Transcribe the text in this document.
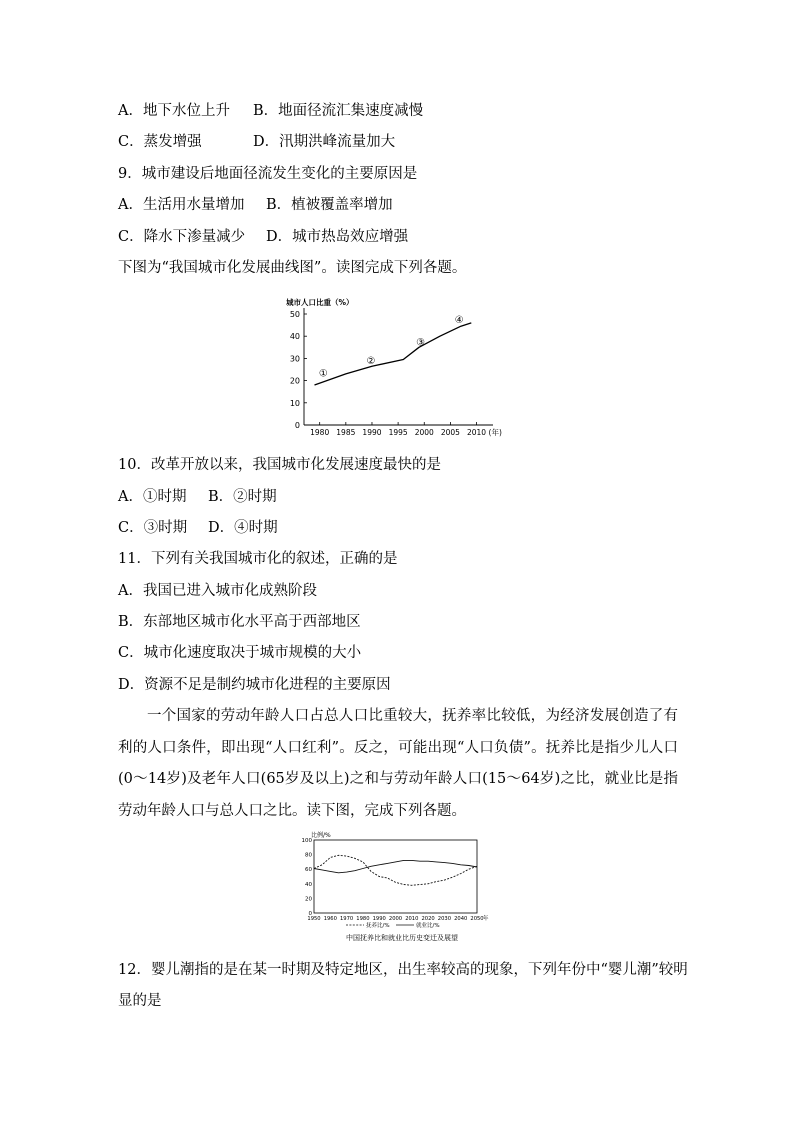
A．地下水位上升 B．地面径流汇集速度减慢
C．蒸发增强	D．汛期洪峰流量加大
9．城市建设后地面径流发生变化的主要原因是
A．生活用水量增加 B．植被覆盖率增加
C．降水下渗量减少 D．城市热岛效应增强
下图为“我国城市化发展曲线图”。读图完成下列各题。
城市人口比重（%）
0
10
20
30
40
50
1980 1985 1990 1995 2000 2005 2010 (年)
①
②
③
④
10．改革开放以来，我国城市化发展速度最快的是
A．①时期 B．②时期
C．③时期 D．④时期
11．下列有关我国城市化的叙述，正确的是
A．我国已进入城市化成熟阶段
B．东部地区城市化水平高于西部地区
C．城市化速度取决于城市规模的大小
D．资源不足是制约城市化进程的主要原因
一个国家的劳动年龄人口占总人口比重较大，抚养率比较低，为经济发展创造了有利的人口条件，即出现“人口红利”。反之，可能出现“人口负债”。抚养比是指少儿人口(0～14岁)及老年人口(65岁及以上)之和与劳动年龄人口(15～64岁)之比，就业比是指劳动年龄人口与总人口之比。读下图，完成下列各题。
比例/%
0
20
40
60
80
100
1950 1960 1970 1980 1990 2000 2010 2020 2030 2040 2050 年
抚养比/%	就业比/%
中国抚养比和就业比历史变迁及展望
12．婴儿潮指的是在某一时期及特定地区，出生率较高的现象，下列年份中“婴儿潮”较明
显的是
